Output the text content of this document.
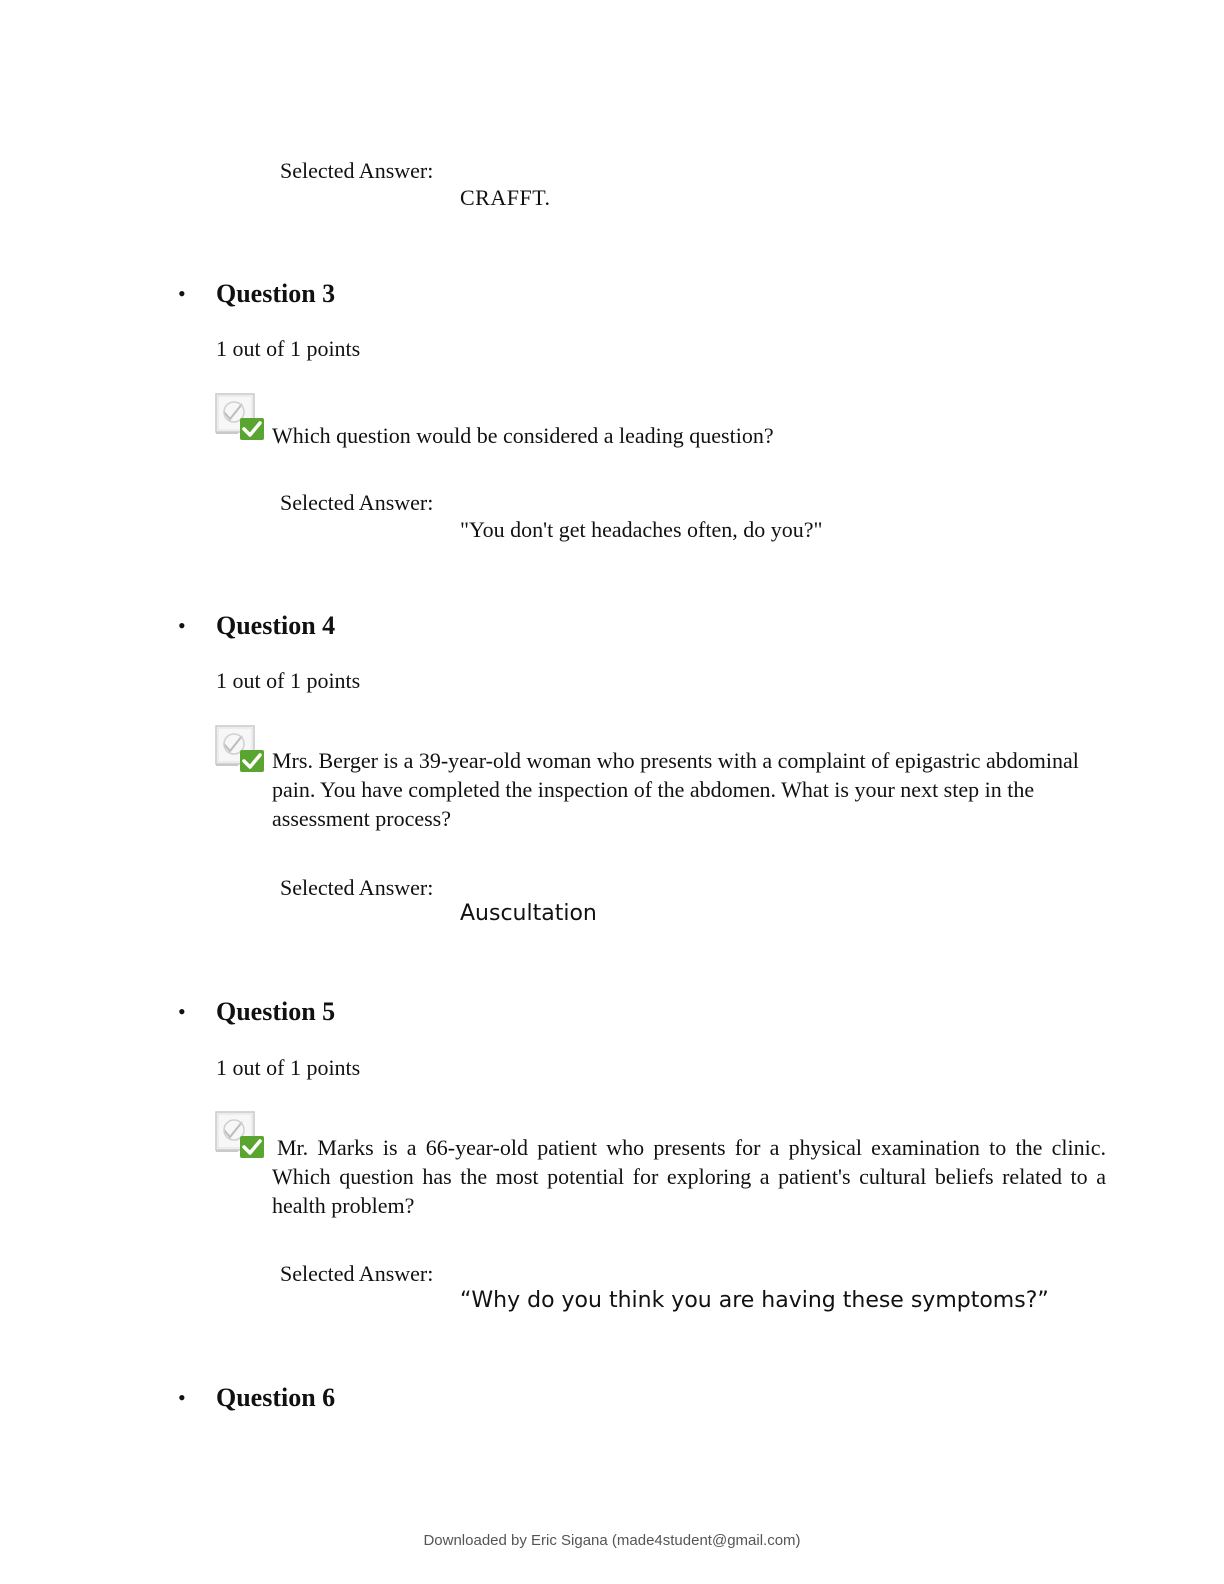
Selected Answer:
CRAFFT.
• Question 3
1 out of 1 points
Which question would be considered a leading question?
Selected Answer:
"You don't get headaches often, do you?"
• Question 4
1 out of 1 points
Mrs. Berger is a 39-year-old woman who presents with a complaint of epigastric abdominal pain. You have completed the inspection of the abdomen. What is your next step in the assessment process?
Selected Answer:
Auscultation
• Question 5
1 out of 1 points
Mr. Marks is a 66-year-old patient who presents for a physical examination to the clinic. Which question has the most potential for exploring a patient's cultural beliefs related to a health problem?
Selected Answer:
“Why do you think you are having these symptoms?”
• Question 6
Downloaded by Eric Sigana (made4student@gmail.com)
